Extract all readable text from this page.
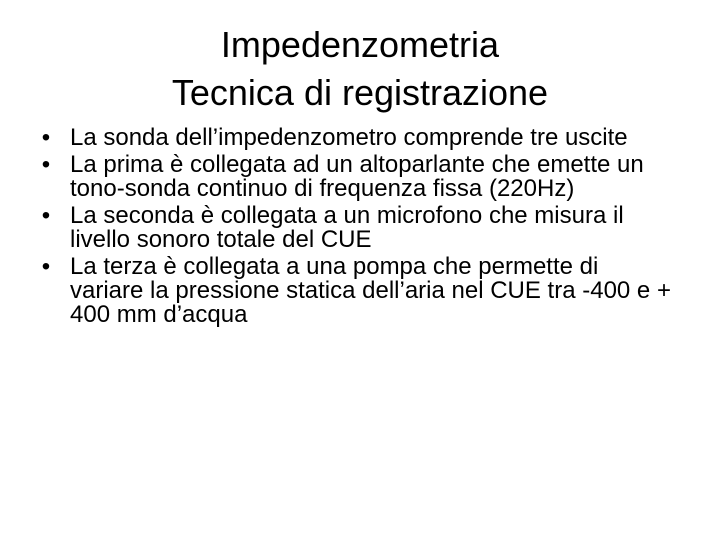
Impedenzometria
Tecnica di registrazione
• La sonda dell’impedenzometro comprende tre uscite
• La prima è collegata ad un altoparlante che emette un tono-sonda continuo di frequenza fissa (220Hz)
• La seconda è collegata a un microfono che misura il livello sonoro totale del CUE
• La terza è collegata a una pompa che permette di variare la pressione statica dell’aria nel CUE tra -400 e + 400 mm d’acqua
